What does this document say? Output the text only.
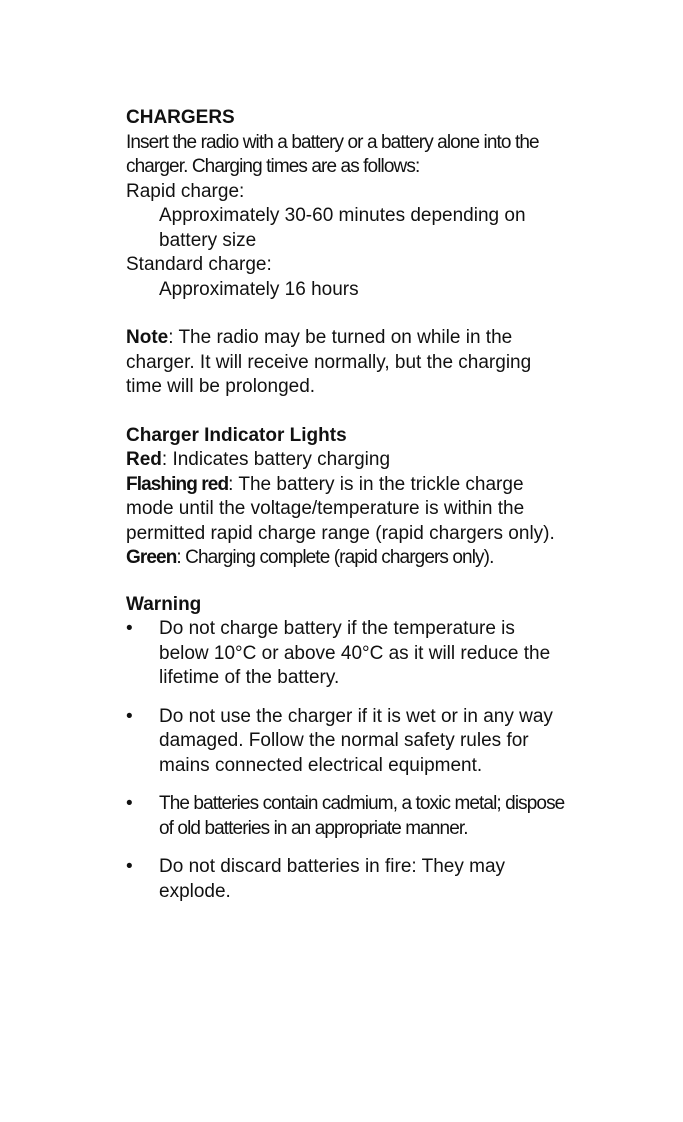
CHARGERS

Insert the radio with a battery or a battery alone into the charger. Charging times are as follows:

Rapid charge:

Approximately 30-60 minutes depending on battery size

Standard charge:

Approximately 16 hours

Note: The radio may be turned on while in the charger. It will receive normally, but the charging time will be prolonged.

Charger Indicator Lights

Red: Indicates battery charging

Flashing red: The battery is in the trickle charge mode until the voltage/temperature is within the permitted rapid charge range (rapid chargers only).

Green: Charging complete (rapid chargers only).

Warning

•	Do not charge battery if the temperature is below 10°C or above 40°C as it will reduce the lifetime of the battery.
•	Do not use the charger if it is wet or in any way damaged. Follow the normal safety rules for mains connected electrical equipment.
•	The batteries contain cadmium, a toxic metal; dispose of old batteries in an appropriate manner.
•	Do not discard batteries in fire: They may explode.
